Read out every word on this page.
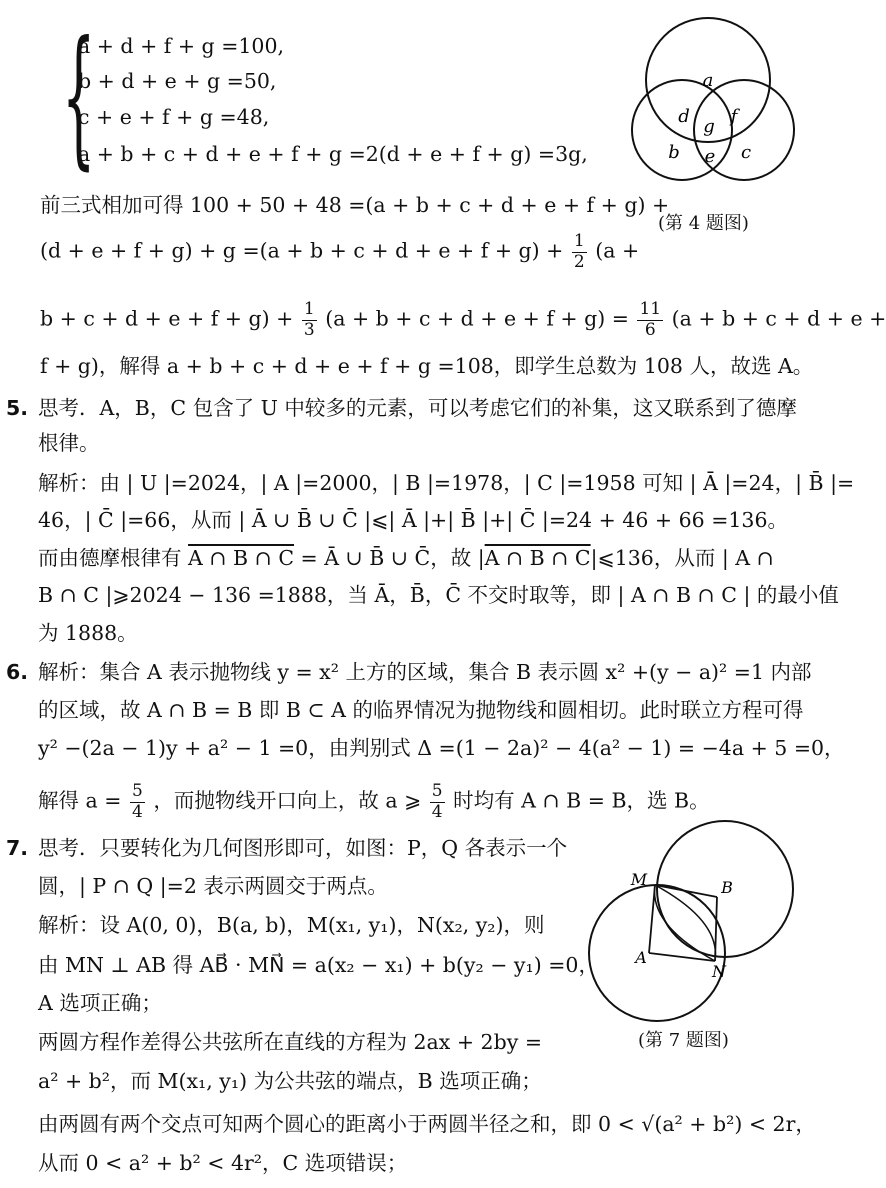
{
a + d + f + g =100,
b + d + e + g =50,
c + e + f + g =48,
a + b + c + d + e + f + g =2(d + e + f + g) =3g,
前三式相加可得 100 + 50 + 48 =(a + b + c + d + e + f + g) +
$(d + e + f + g) + g =(a + b + c + d + e + f + g) + \frac{1}{2} (a$ +
$b + c + d + e + f + g) + \frac{1}{3} (a + b + c + d + e + f + g) = \frac{11}{6} (a + b + c + d + e$ +
f + g)，解得 a + b + c + d + e + f + g =108，即学生总数为 108 人，故选 A。
a
d g f
b e c
(第 4 题图)
5. 思考．A，B，C 包含了 U 中较多的元素，可以考虑它们的补集，这又联系到了德摩
根律。
解析：由 | U |=2024，| A |=2000，| B |=1978，| C |=1958 可知 | Ā |=24，| B̄ |=
46，| C̄ |=66，从而 | Ā ∪ B̄ ∪ C̄ |⩽| Ā |+| B̄ |+| C̄ |=24 + 46 + 66 =136。
而由德摩根律有 A ∩ B ∩ C = Ā ∪ B̄ ∪ C̄，故 |A ∩ B ∩ C|⩽136，从而 | A ∩
B ∩ C |⩾2024 − 136 =1888，当 Ā，B̄，C̄ 不交时取等，即 | A ∩ B ∩ C | 的最小值
为 1888。
6. 解析：集合 A 表示抛物线 y = x² 上方的区域，集合 B 表示圆 x² +(y − a)² =1 内部
的区域，故 A ∩ B = B 即 B ⊂ A 的临界情况为抛物线和圆相切。此时联立方程可得
y² −(2a − 1)y + a² − 1 =0，由判别式 Δ =(1 − 2a)² − 4(a² − 1) = −4a + 5 =0，
解得 $a = \frac{5}{4}$ ，而抛物线开口向上，故 a ⩾ $\frac{5}{4}$ 时均有 A ∩ B = B，选 B。
7. 思考．只要转化为几何图形即可，如图：P，Q 各表示一个
圆，| P ∩ Q |=2 表示两圆交于两点。
解析：设 A(0, 0)，B(a, b)，M(x₁, y₁)，N(x₂, y₂)，则
由 MN ⊥ AB 得 AB⃗ · MN⃗ = a(x₂ − x₁) + b(y₂ − y₁) =0，
A 选项正确；
两圆方程作差得公共弦所在直线的方程为 2ax + 2by =
a² + b²，而 M(x₁, y₁) 为公共弦的端点，B 选项正确；
由两圆有两个交点可知两个圆心的距离小于两圆半径之和，即 0 < √(a² + b²) < 2r，
从而 0 < a² + b² < 4r²，C 选项错误；
M	B
A
N
(第 7 题图)
